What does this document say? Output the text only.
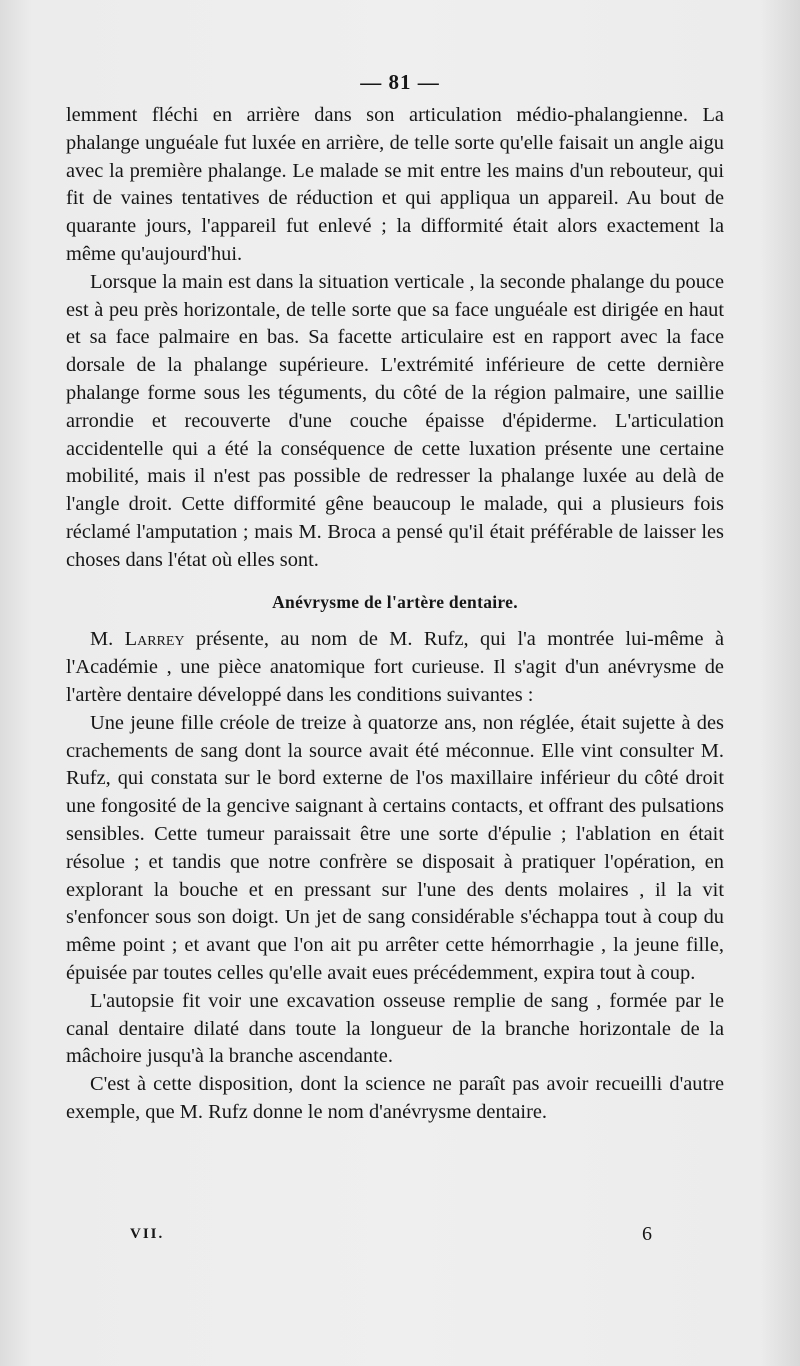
— 81 —

lemment fléchi en arrière dans son articulation médio-phalangienne. La phalange unguéale fut luxée en arrière, de telle sorte qu'elle faisait un angle aigu avec la première phalange. Le malade se mit entre les mains d'un rebouteur, qui fit de vaines tentatives de réduction et qui appliqua un appareil. Au bout de quarante jours, l'appareil fut enlevé ; la difformité était alors exactement la même qu'aujourd'hui.

Lorsque la main est dans la situation verticale , la seconde phalange du pouce est à peu près horizontale, de telle sorte que sa face unguéale est dirigée en haut et sa face palmaire en bas. Sa facette articulaire est en rapport avec la face dorsale de la phalange supérieure. L'extrémité inférieure de cette dernière phalange forme sous les téguments, du côté de la région palmaire, une saillie arrondie et recouverte d'une couche épaisse d'épiderme. L'articulation accidentelle qui a été la conséquence de cette luxation présente une certaine mobilité, mais il n'est pas possible de redresser la phalange luxée au delà de l'angle droit. Cette difformité gêne beaucoup le malade, qui a plusieurs fois réclamé l'amputation ; mais M. Broca a pensé qu'il était préférable de laisser les choses dans l'état où elles sont.

Anévrysme de l'artère dentaire.

M. Larrey présente, au nom de M. Rufz, qui l'a montrée lui-même à l'Académie , une pièce anatomique fort curieuse. Il s'agit d'un anévrysme de l'artère dentaire développé dans les conditions suivantes :

Une jeune fille créole de treize à quatorze ans, non réglée, était sujette à des crachements de sang dont la source avait été méconnue. Elle vint consulter M. Rufz, qui constata sur le bord externe de l'os maxillaire inférieur du côté droit une fongosité de la gencive saignant à certains contacts, et offrant des pulsations sensibles. Cette tumeur paraissait être une sorte d'épulie ; l'ablation en était résolue ; et tandis que notre confrère se disposait à pratiquer l'opération, en explorant la bouche et en pressant sur l'une des dents molaires , il la vit s'enfoncer sous son doigt. Un jet de sang considérable s'échappa tout à coup du même point ; et avant que l'on ait pu arrêter cette hémorrhagie , la jeune fille, épuisée par toutes celles qu'elle avait eues précédemment, expira tout à coup.

L'autopsie fit voir une excavation osseuse remplie de sang , formée par le canal dentaire dilaté dans toute la longueur de la branche horizontale de la mâchoire jusqu'à la branche ascendante.

C'est à cette disposition, dont la science ne paraît pas avoir recueilli d'autre exemple, que M. Rufz donne le nom d'anévrysme dentaire.

VII.	6
